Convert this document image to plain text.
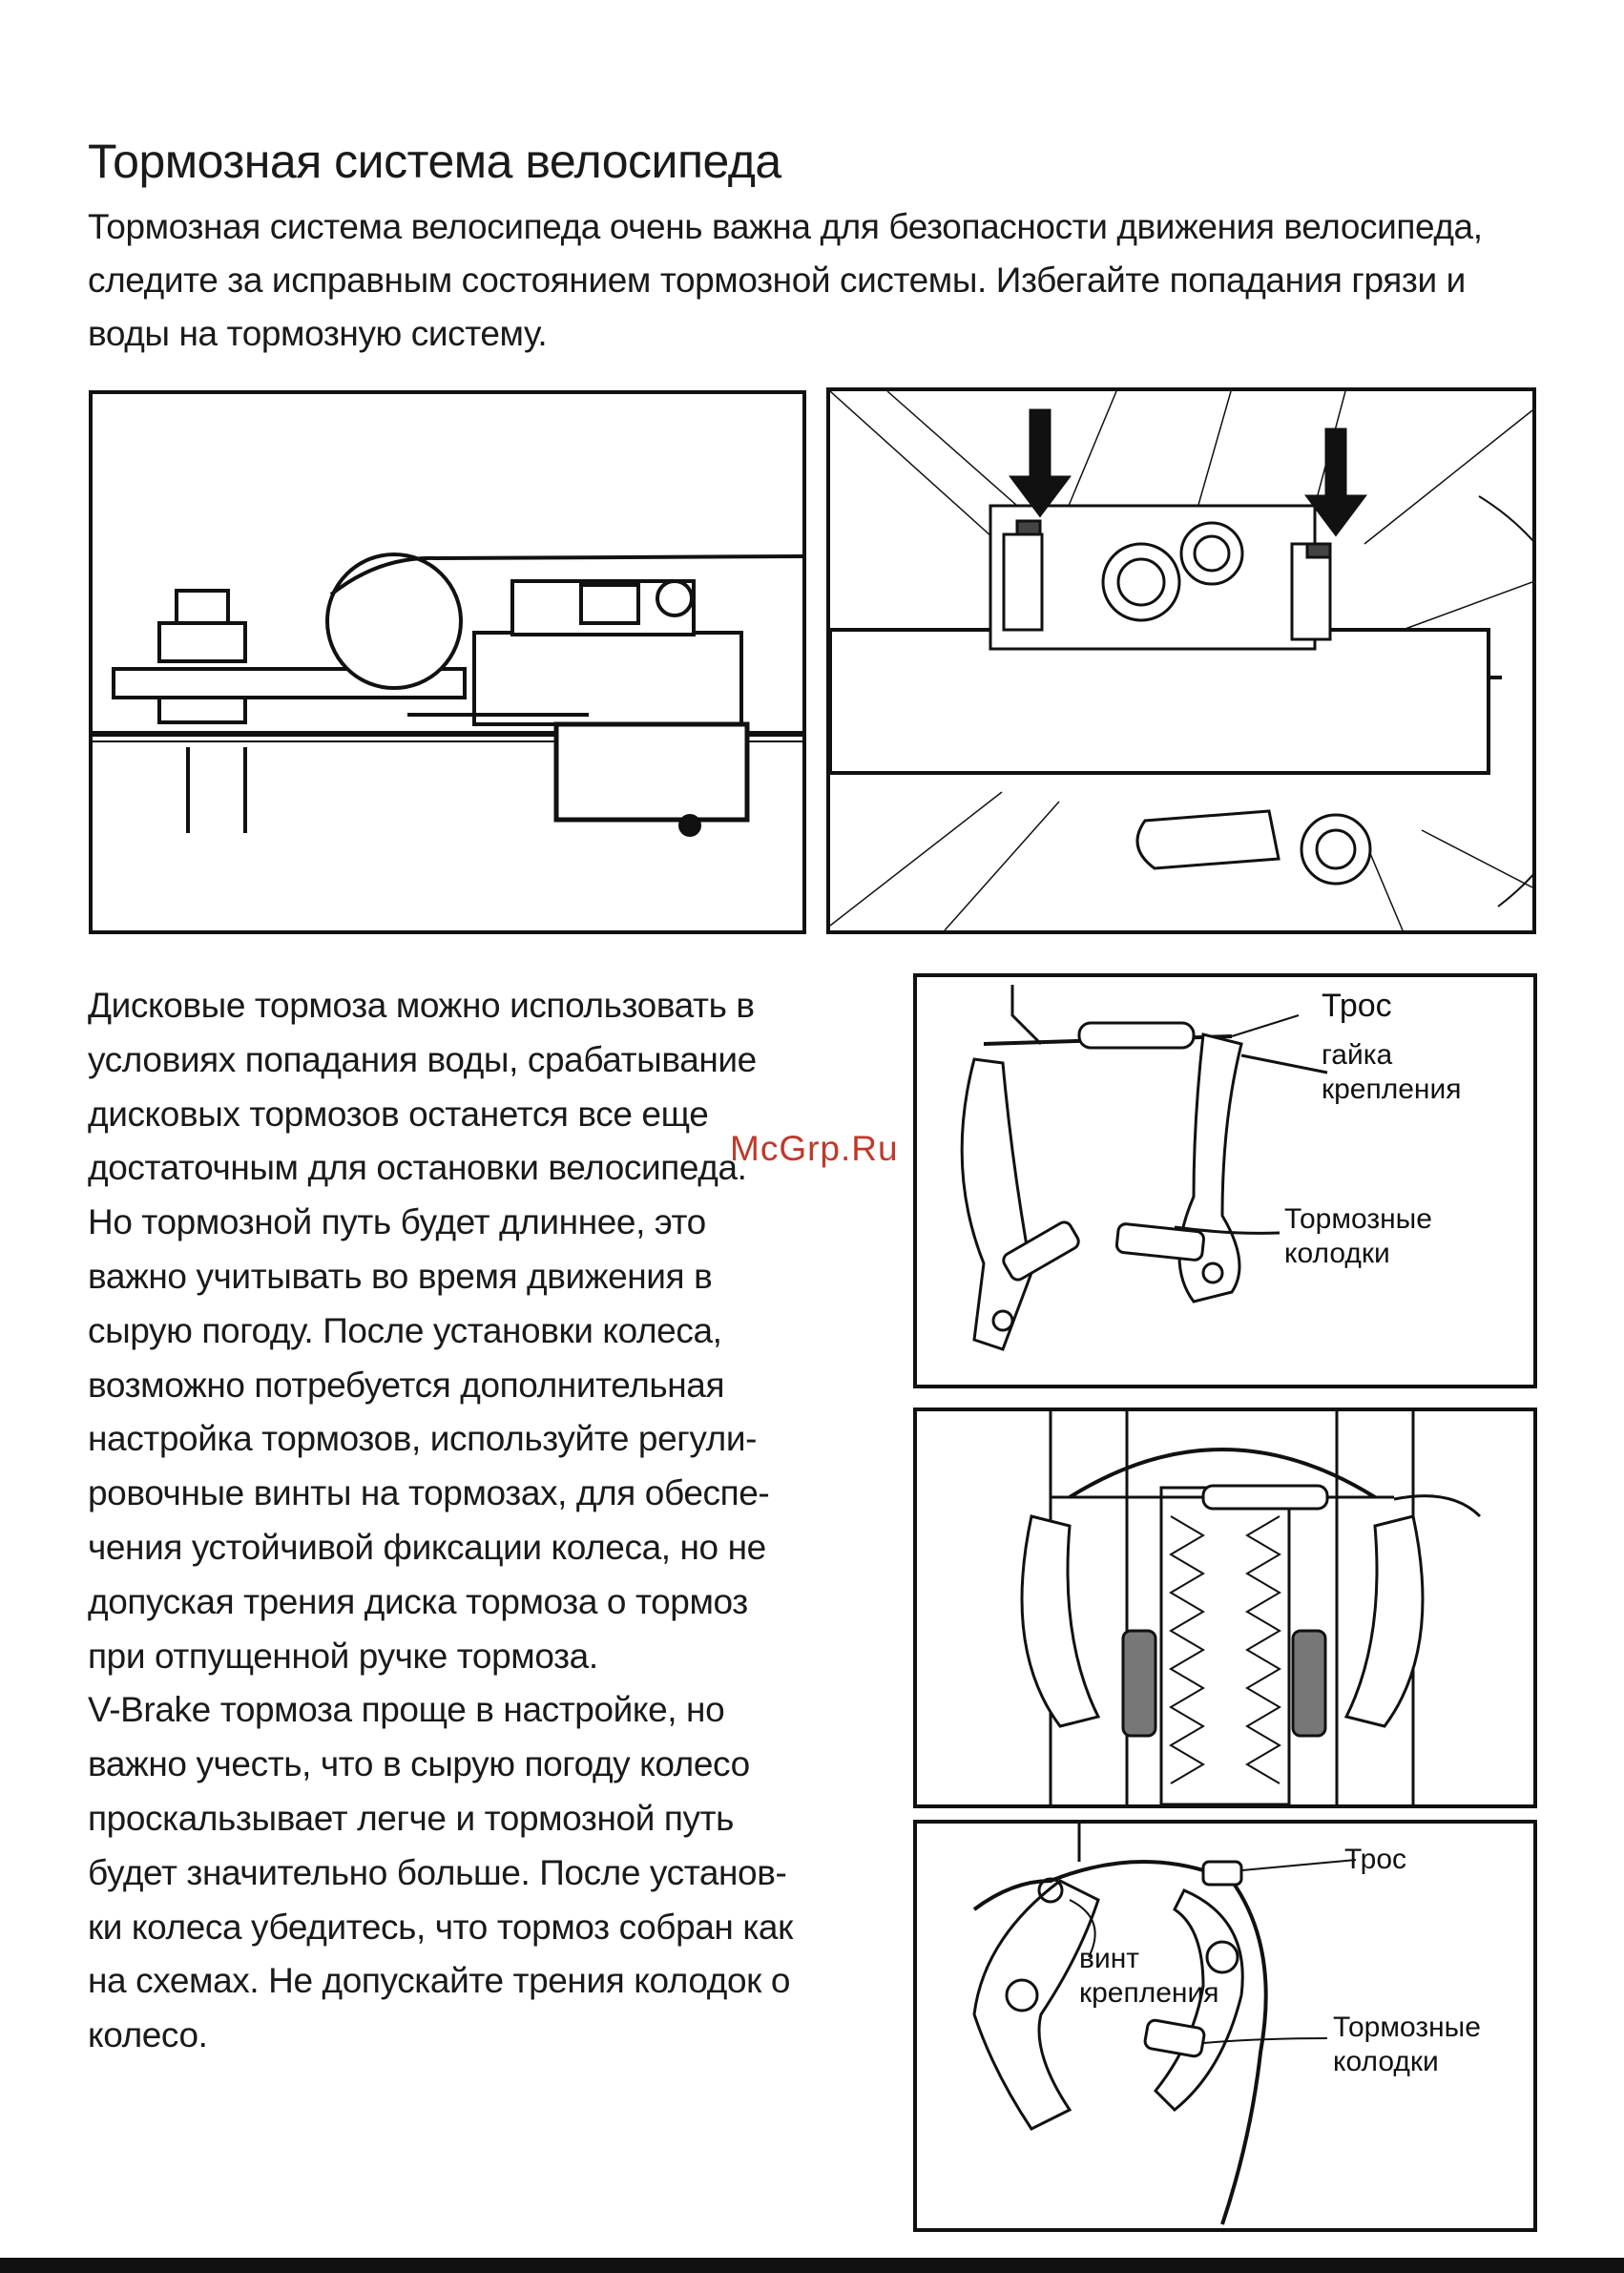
Тормозная система велосипеда
Тормозная система велосипеда очень важна для безопасности движения велосипеда,
следите за исправным состоянием тормозной системы. Избегайте попадания грязи и
воды на тормозную систему.
Дисковые тормоза можно использовать в
условиях попадания воды, срабатывание
дисковых тормозов останется все еще
достаточным для остановки велосипеда.
Но тормозной путь будет длиннее, это
важно учитывать во время движения в
сырую погоду. После установки колеса,
возможно потребуется дополнительная
настройка тормозов, используйте регули-
ровочные винты на тормозах, для обеспе-
чения устойчивой фиксации колеса, но не
допуская трения диска тормоза о тормоз
при отпущенной ручке тормоза.
V-Brake тормоза проще в настройке, но
важно учесть, что в сырую погоду колесо
проскальзывает легче и тормозной путь
будет значительно больше. После установ-
ки колеса убедитесь, что тормоз собран как
на схемах. Не допускайте трения колодок о
колесо.
Трос
гайка
крепления
Тормозные
колодки
Трос
винт
крепления
Тормозные
колодки
McGrp.Ru
